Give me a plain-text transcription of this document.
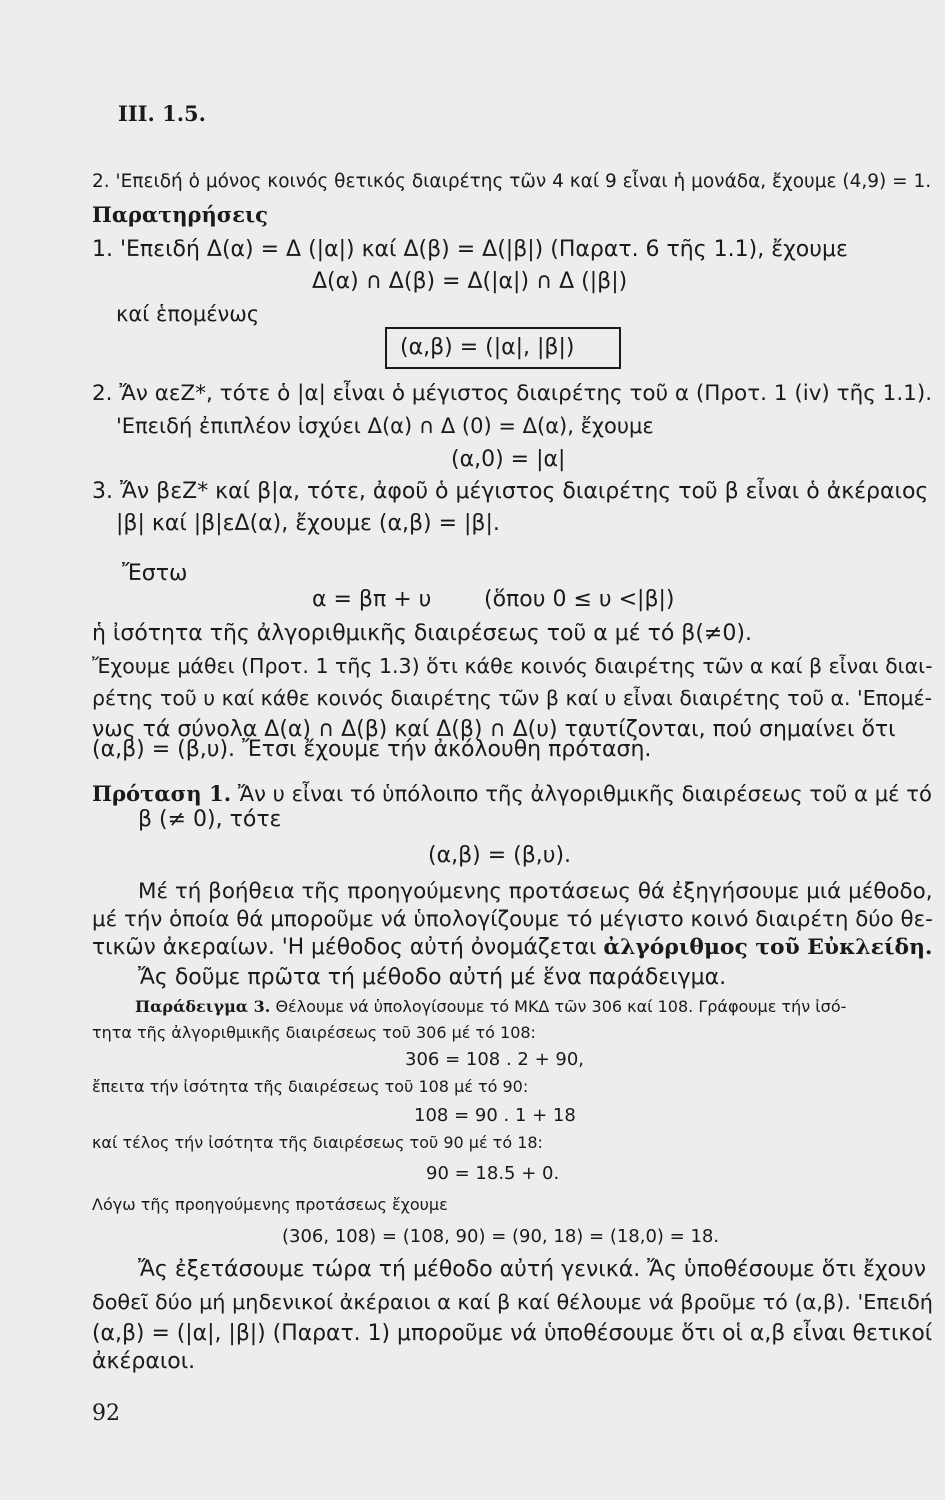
III. 1.5.
2. 'Επειδή ὁ μόνος κοινός θετικός διαιρέτης τῶν 4 καί 9 εἶναι ἡ μονάδα, ἔχουμε (4,9) = 1.
Παρατηρήσεις
1. 'Επειδή Δ(α) = Δ (|α|) καί Δ(β) = Δ(|β|) (Παρατ. 6 τῆς 1.1), ἔχουμε
Δ(α) ∩ Δ(β) = Δ(|α|) ∩ Δ (|β|)
καί ἑπομένως
(α,β) = (|α|, |β|)
2. Ἄν αεZ*, τότε ὁ |α| εἶναι ὁ μέγιστος διαιρέτης τοῦ α (Προτ. 1 (iv) τῆς 1.1).
'Επειδή ἐπιπλέον ἰσχύει Δ(α) ∩ Δ (0) = Δ(α), ἔχουμε
(α,0) = |α|
3. Ἄν βεZ* καί β|α, τότε, ἀφοῦ ὁ μέγιστος διαιρέτης τοῦ β εἶναι ὁ ἀκέραιος
|β| καί |β|εΔ(α), ἔχουμε (α,β) = |β|.
Ἔστω
α = βπ + υ (ὅπου 0 ≤ υ <|β|)
ἡ ἰσότητα τῆς ἀλγοριθμικῆς διαιρέσεως τοῦ α μέ τό β(≠0).
Ἔχουμε μάθει (Προτ. 1 τῆς 1.3) ὅτι κάθε κοινός διαιρέτης τῶν α καί β εἶναι διαι-
ρέτης τοῦ υ καί κάθε κοινός διαιρέτης τῶν β καί υ εἶναι διαιρέτης τοῦ α. 'Επομέ-
νως τά σύνολα Δ(α) ∩ Δ(β) καί Δ(β) ∩ Δ(υ) ταυτίζονται, πού σημαίνει ὅτι
(α,β) = (β,υ). Ἔτσι ἔχουμε τήν ἀκόλουθη πρόταση.
Πρόταση 1. Ἄν υ εἶναι τό ὑπόλοιπο τῆς ἀλγοριθμικῆς διαιρέσεως τοῦ α μέ τό
β (≠ 0), τότε
(α,β) = (β,υ).
Μέ τή βοήθεια τῆς προηγούμενης προτάσεως θά ἐξηγήσουμε μιά μέθοδο,
μέ τήν ὁποία θά μποροῦμε νά ὑπολογίζουμε τό μέγιστο κοινό διαιρέτη δύο θε-
τικῶν ἀκεραίων. 'Η μέθοδος αὐτή ὀνομάζεται ἀλγόριθμος τοῦ Εὐκλείδη.
Ἄς δοῦμε πρῶτα τή μέθοδο αὐτή μέ ἕνα παράδειγμα.
Παράδειγμα 3. Θέλουμε νά ὑπολογίσουμε τό ΜΚΔ τῶν 306 καί 108. Γράφουμε τήν ἰσό-
τητα τῆς ἀλγοριθμικῆς διαιρέσεως τοῦ 306 μέ τό 108:
306 = 108 . 2 + 90,
ἔπειτα τήν ἰσότητα τῆς διαιρέσεως τοῦ 108 μέ τό 90:
108 = 90 . 1 + 18
καί τέλος τήν ἰσότητα τῆς διαιρέσεως τοῦ 90 μέ τό 18:
90 = 18.5 + 0.
Λόγω τῆς προηγούμενης προτάσεως ἔχουμε
(306, 108) = (108, 90) = (90, 18) = (18,0) = 18.
Ἄς ἐξετάσουμε τώρα τή μέθοδο αὐτή γενικά. Ἄς ὑποθέσουμε ὅτι ἔχουν
δοθεῖ δύο μή μηδενικοί ἀκέραιοι α καί β καί θέλουμε νά βροῦμε τό (α,β). 'Επειδή
(α,β) = (|α|, |β|) (Παρατ. 1) μποροῦμε νά ὑποθέσουμε ὅτι οἱ α,β εἶναι θετικοί
ἀκέραιοι.
92
